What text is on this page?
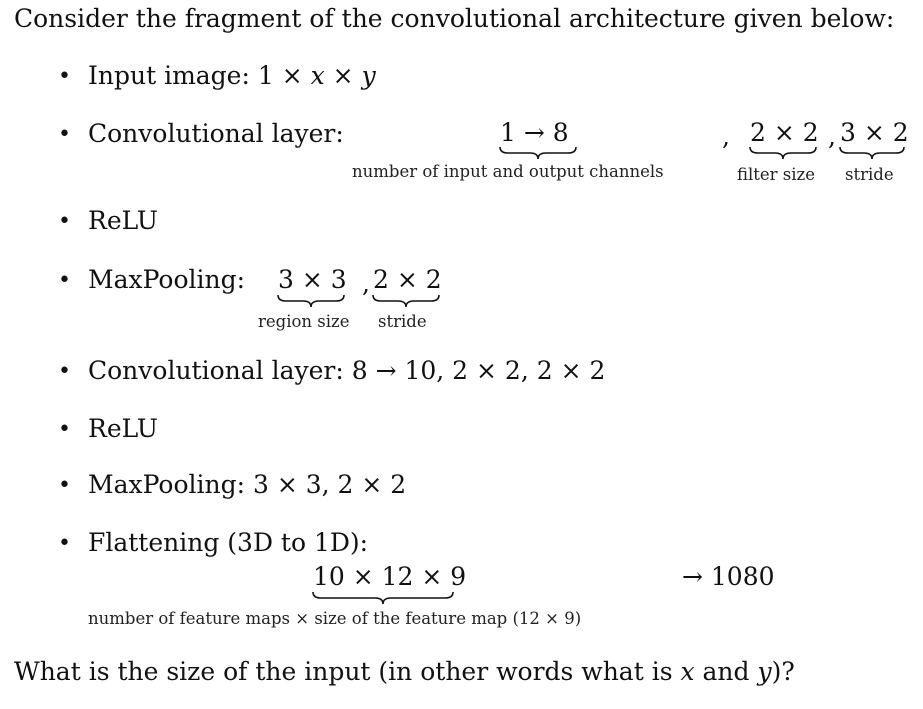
Consider the fragment of the convolutional architecture given below:
• Input image: 1 × x × y
• Convolutional layer:	1 → 8	, 2 × 2 , 3 × 2
number of input and output channels	filter size stride
• ReLU
• MaxPooling: 3 × 3 , 2 × 2
region size stride
• Convolutional layer: 8 → 10, 2 × 2, 2 × 2
• ReLU
• MaxPooling: 3 × 3, 2 × 2
• Flattening (3D to 1D):
10 × 12 × 9	→ 1080
number of feature maps × size of the feature map (12 × 9)
What is the size of the input (in other words what is x and y)?
